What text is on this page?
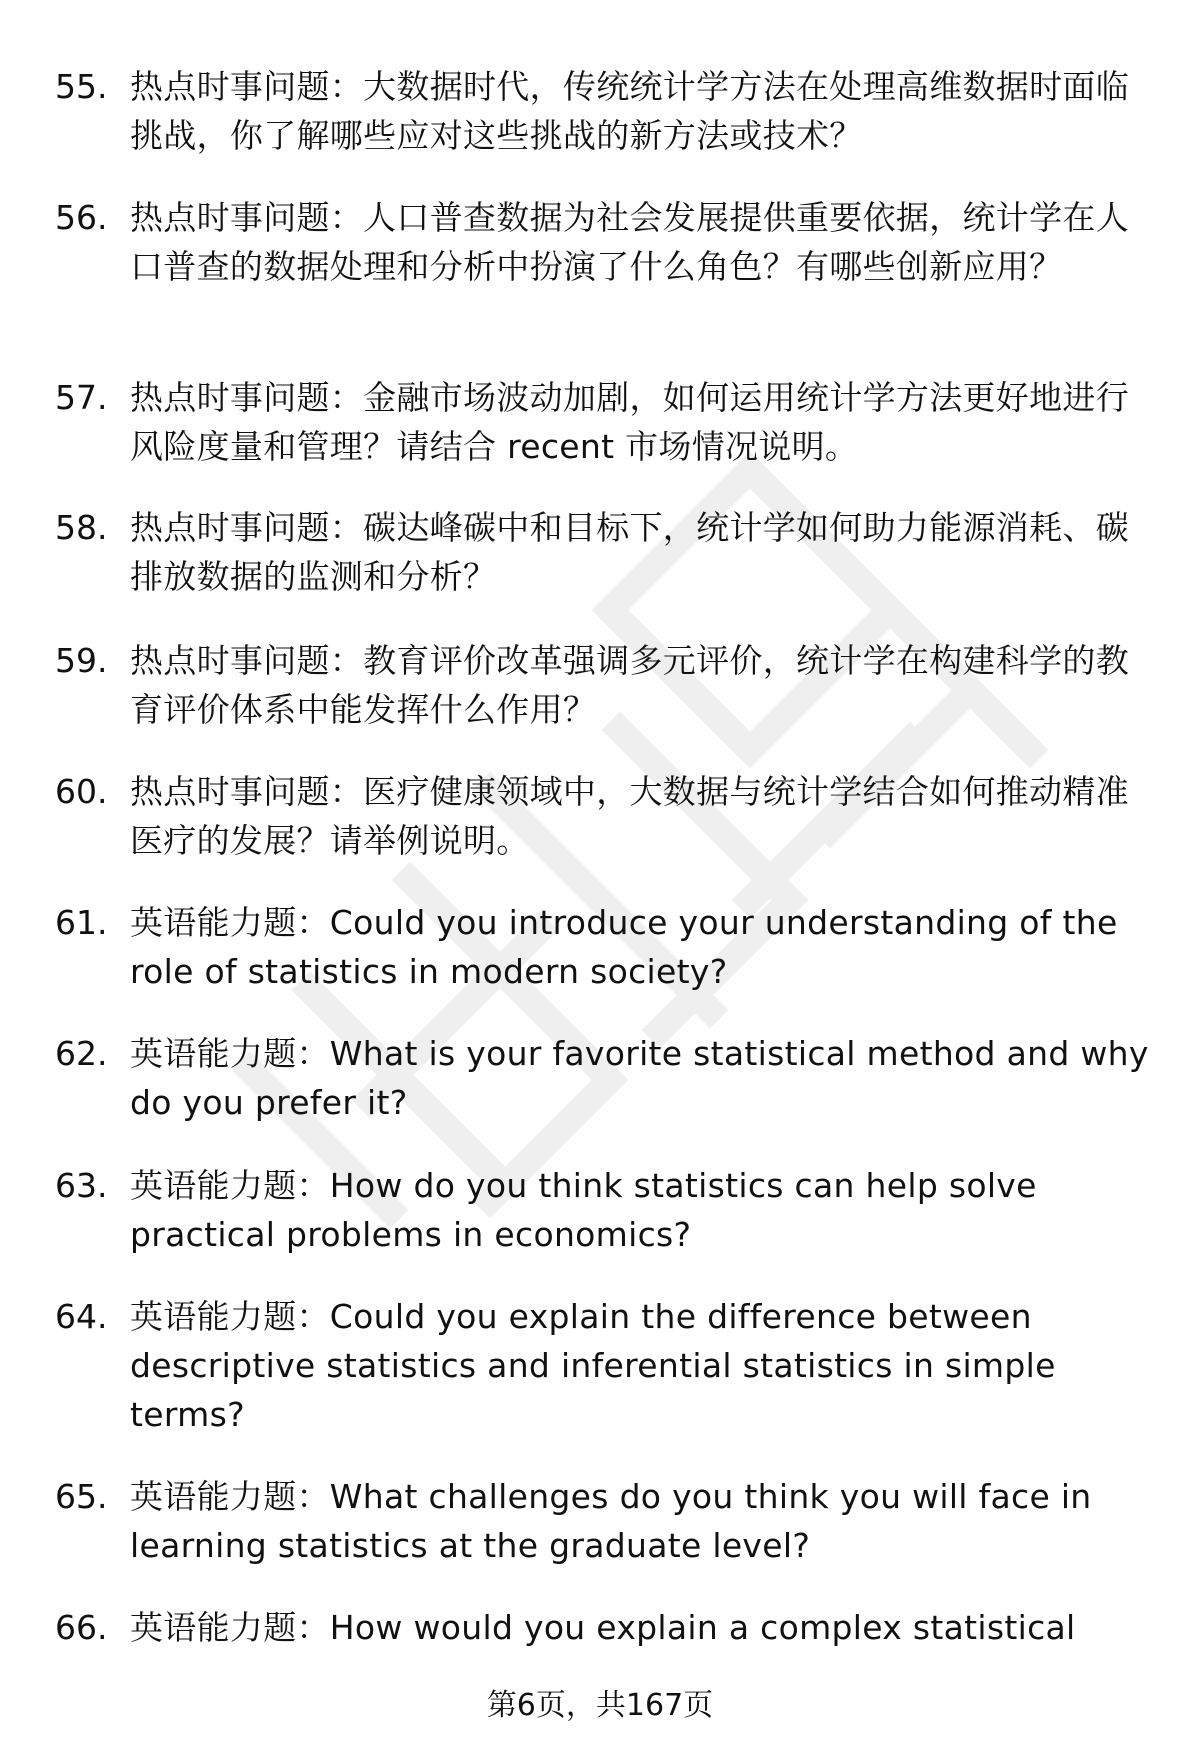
55. 热点时事问题：大数据时代，传统统计学方法在处理高维数据时面临挑战，你了解哪些应对这些挑战的新方法或技术？
56. 热点时事问题：人口普查数据为社会发展提供重要依据，统计学在人口普查的数据处理和分析中扮演了什么角色？有哪些创新应用？
57. 热点时事问题：金融市场波动加剧，如何运用统计学方法更好地进行风险度量和管理？请结合 recent 市场情况说明。
58. 热点时事问题：碳达峰碳中和目标下，统计学如何助力能源消耗、碳排放数据的监测和分析？
59. 热点时事问题：教育评价改革强调多元评价，统计学在构建科学的教育评价体系中能发挥什么作用？
60. 热点时事问题：医疗健康领域中，大数据与统计学结合如何推动精准医疗的发展？请举例说明。
61. 英语能力题：Could you introduce your understanding of the role of statistics in modern society?
62. 英语能力题：What is your favorite statistical method and why do you prefer it?
63. 英语能力题：How do you think statistics can help solve practical problems in economics?
64. 英语能力题：Could you explain the difference between descriptive statistics and inferential statistics in simple terms?
65. 英语能力题：What challenges do you think you will face in learning statistics at the graduate level?
66. 英语能力题：How would you explain a complex statistical
第6页，共167页
